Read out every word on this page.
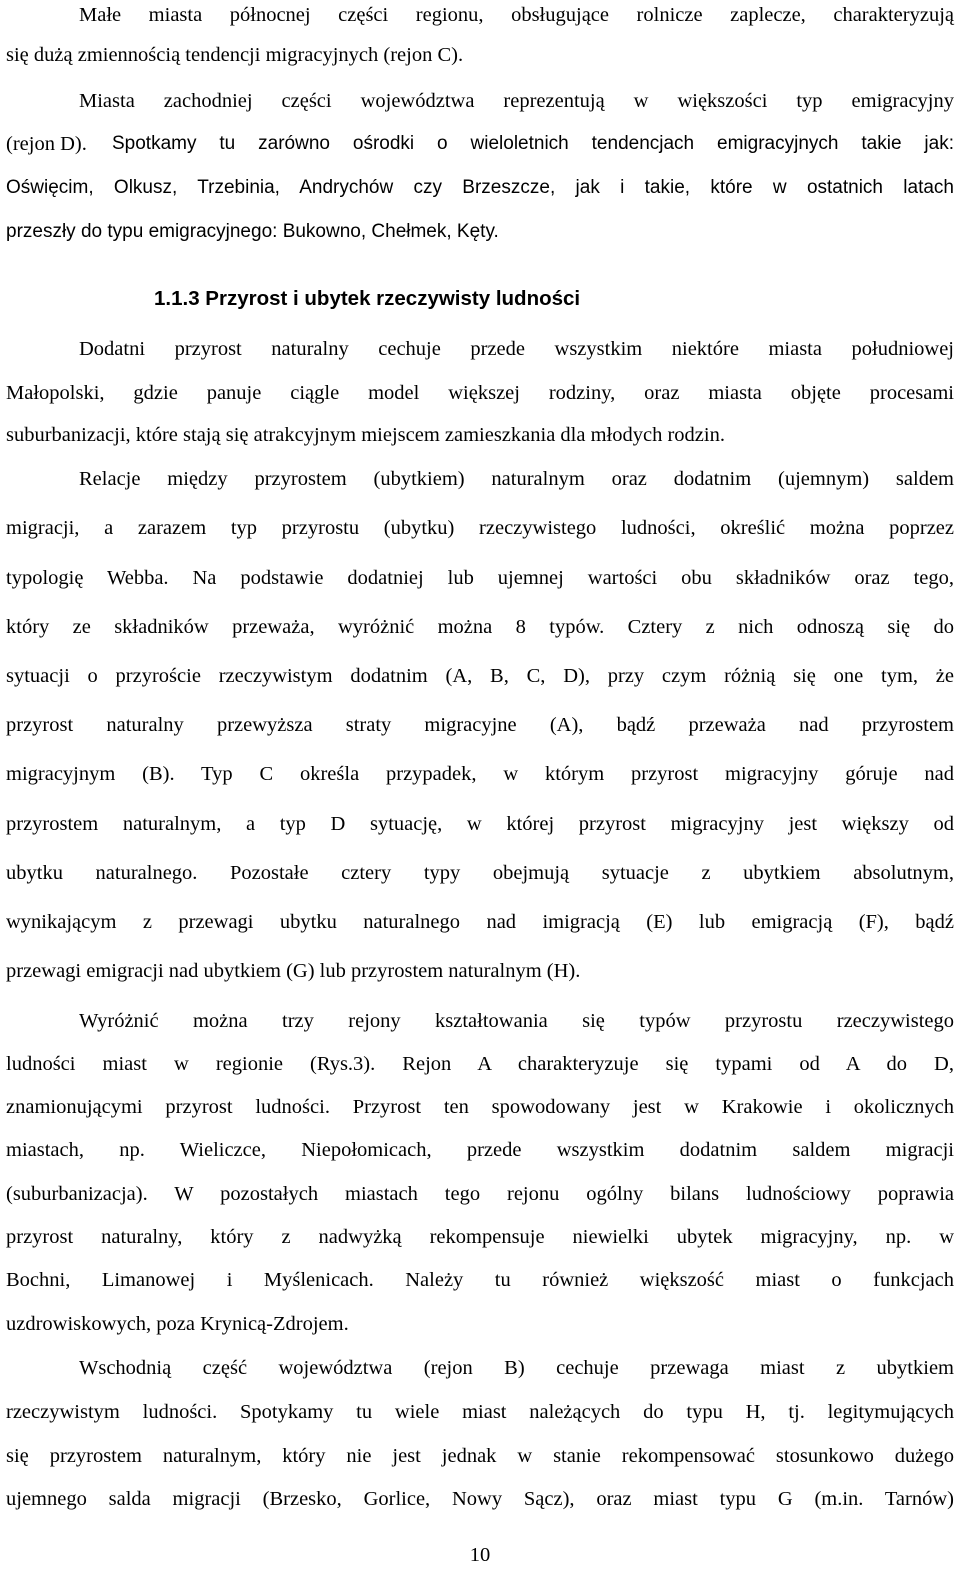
Małe miasta północnej części regionu, obsługujące rolnicze zaplecze, charakteryzują
się dużą zmiennością tendencji migracyjnych (rejon C).
Miasta zachodniej części województwa reprezentują w większości typ emigracyjny
(rejon D). Spotkamy tu zarówno ośrodki o wieloletnich tendencjach emigracyjnych takie jak:
Oświęcim, Olkusz, Trzebinia, Andrychów czy Brzeszcze, jak i takie, które w ostatnich latach
przeszły do typu emigracyjnego: Bukowno, Chełmek, Kęty.
1.1.3 Przyrost i ubytek rzeczywisty ludności
Dodatni przyrost naturalny cechuje przede wszystkim niektóre miasta południowej
Małopolski, gdzie panuje ciągle model większej rodziny, oraz miasta objęte procesami
suburbanizacji, które stają się atrakcyjnym miejscem zamieszkania dla młodych rodzin.
Relacje między przyrostem (ubytkiem) naturalnym oraz dodatnim (ujemnym) saldem
migracji, a zarazem typ przyrostu (ubytku) rzeczywistego ludności, określić można poprzez
typologię Webba. Na podstawie dodatniej lub ujemnej wartości obu składników oraz tego,
który ze składników przeważa, wyróżnić można 8 typów. Cztery z nich odnoszą się do
sytuacji o przyroście rzeczywistym dodatnim (A, B, C, D), przy czym różnią się one tym, że
przyrost naturalny przewyższa straty migracyjne (A), bądź przeważa nad przyrostem
migracyjnym (B). Typ C określa przypadek, w którym przyrost migracyjny góruje nad
przyrostem naturalnym, a typ D sytuację, w której przyrost migracyjny jest większy od
ubytku naturalnego. Pozostałe cztery typy obejmują sytuacje z ubytkiem absolutnym,
wynikającym z przewagi ubytku naturalnego nad imigracją (E) lub emigracją (F), bądź
przewagi emigracji nad ubytkiem (G) lub przyrostem naturalnym (H).
Wyróżnić można trzy rejony kształtowania się typów przyrostu rzeczywistego
ludności miast w regionie (Rys.3). Rejon A charakteryzuje się typami od A do D,
znamionującymi przyrost ludności. Przyrost ten spowodowany jest w Krakowie i okolicznych
miastach, np. Wieliczce, Niepołomicach, przede wszystkim dodatnim saldem migracji
(suburbanizacja). W pozostałych miastach tego rejonu ogólny bilans ludnościowy poprawia
przyrost naturalny, który z nadwyżką rekompensuje niewielki ubytek migracyjny, np. w
Bochni, Limanowej i Myślenicach. Należy tu również większość miast o funkcjach
uzdrowiskowych, poza Krynicą-Zdrojem.
Wschodnią część województwa (rejon B) cechuje przewaga miast z ubytkiem
rzeczywistym ludności. Spotykamy tu wiele miast należących do typu H, tj. legitymujących
się przyrostem naturalnym, który nie jest jednak w stanie rekompensować stosunkowo dużego
ujemnego salda migracji (Brzesko, Gorlice, Nowy Sącz), oraz miast typu G (m.in. Tarnów)
10
